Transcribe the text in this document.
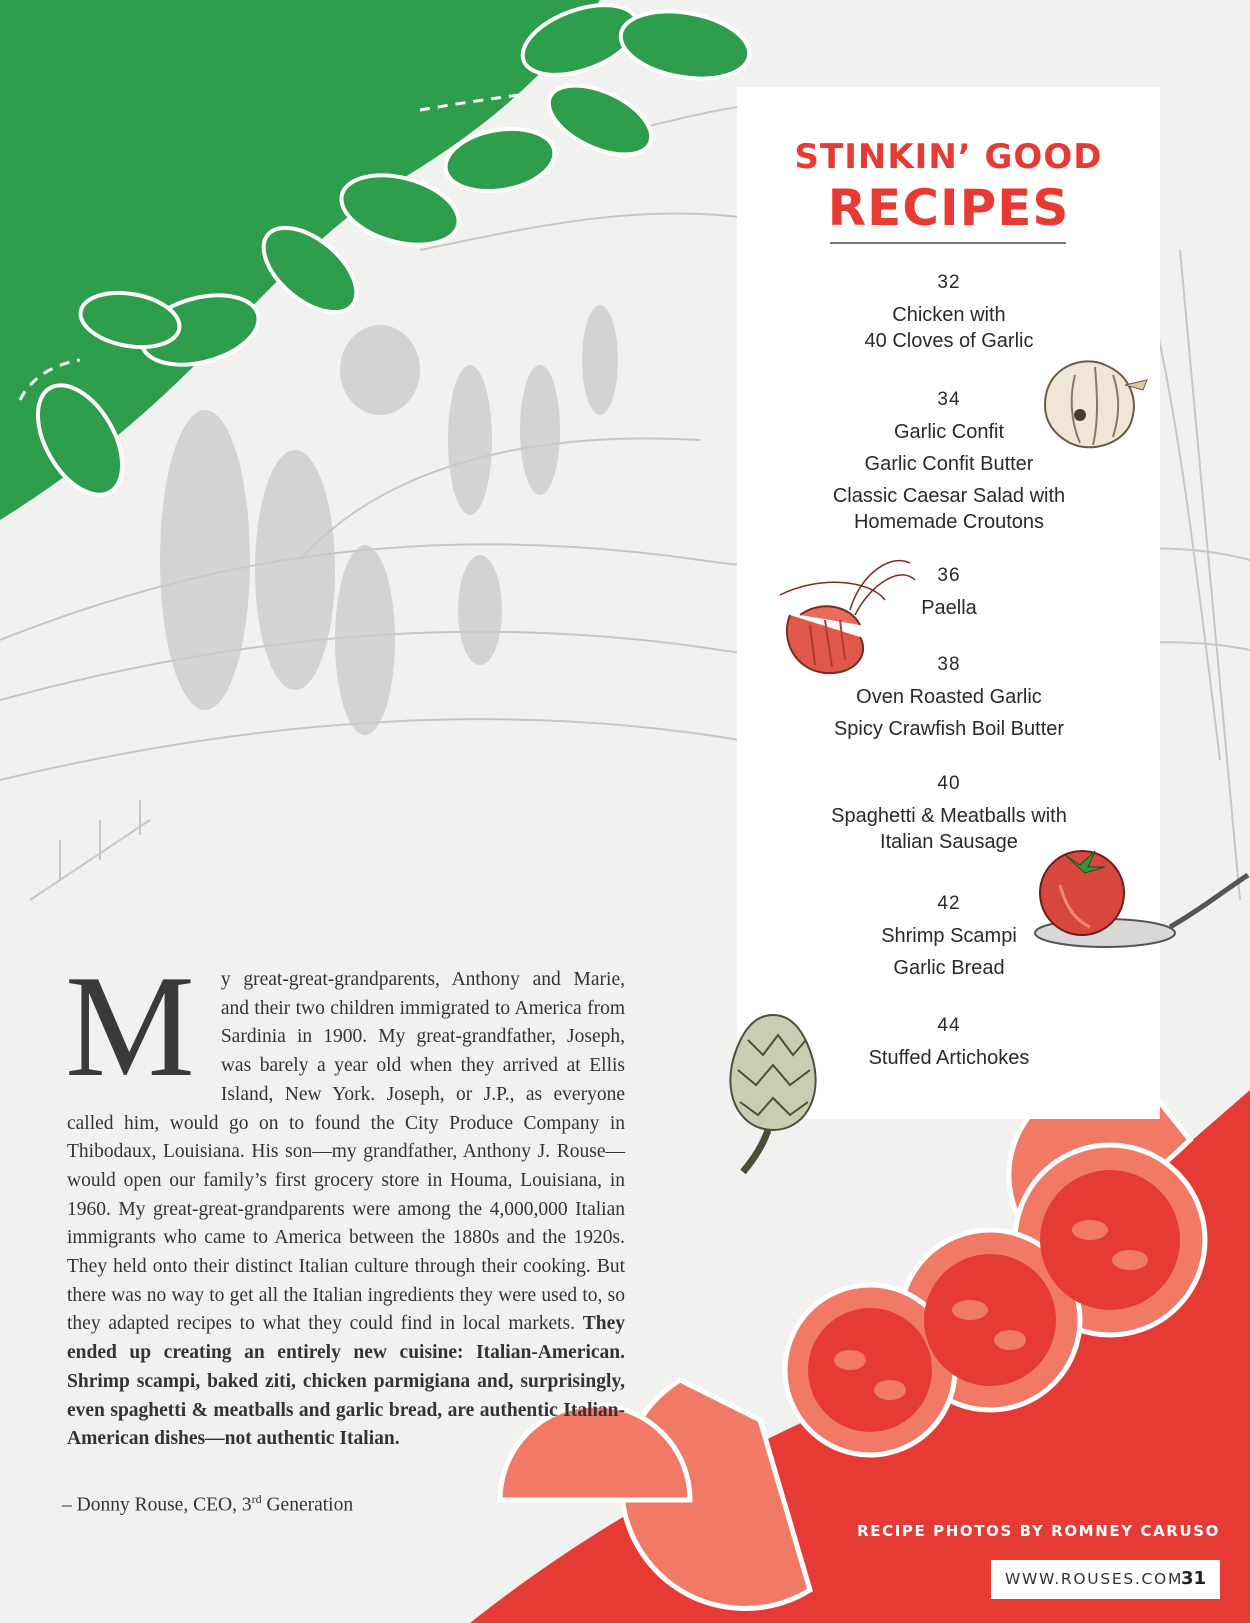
STINKIN’ GOOD
RECIPES
32
Chicken with
40 Cloves of Garlic
34
Garlic Confit
Garlic Confit Butter
Classic Caesar Salad with
Homemade Croutons
36
Paella
38
Oven Roasted Garlic
Spicy Crawfish Boil Butter
40
Spaghetti & Meatballs with
Italian Sausage
42
Shrimp Scampi
Garlic Bread
44
Stuffed Artichokes
M y great-great-grandparents, Anthony and Marie, and their two children immigrated to America from Sardinia in 1900. My great-grandfather, Joseph, was barely a year old when they arrived at Ellis Island, New York. Joseph, or J.P., as everyone called him, would go on to found the City Produce Company in Thibodaux, Louisiana. His son—my grandfather, Anthony J. Rouse—would open our family’s first grocery store in Houma, Louisiana, in 1960. My great-great-grandparents were among the 4,000,000 Italian immigrants who came to America between the 1880s and the 1920s. They held onto their distinct Italian culture through their cooking. But there was no way to get all the Italian ingredients they were used to, so they adapted recipes to what they could find in local markets. They ended up creating an entirely new cuisine: Italian-American. Shrimp scampi, baked ziti, chicken parmigiana and, surprisingly, even spaghetti & meatballs and garlic bread, are authentic Italian-American dishes—not authentic Italian.
– Donny Rouse, CEO, 3rd Generation
RECIPE PHOTOS BY ROMNEY CARUSO
WWW.ROUSES.COM
31
